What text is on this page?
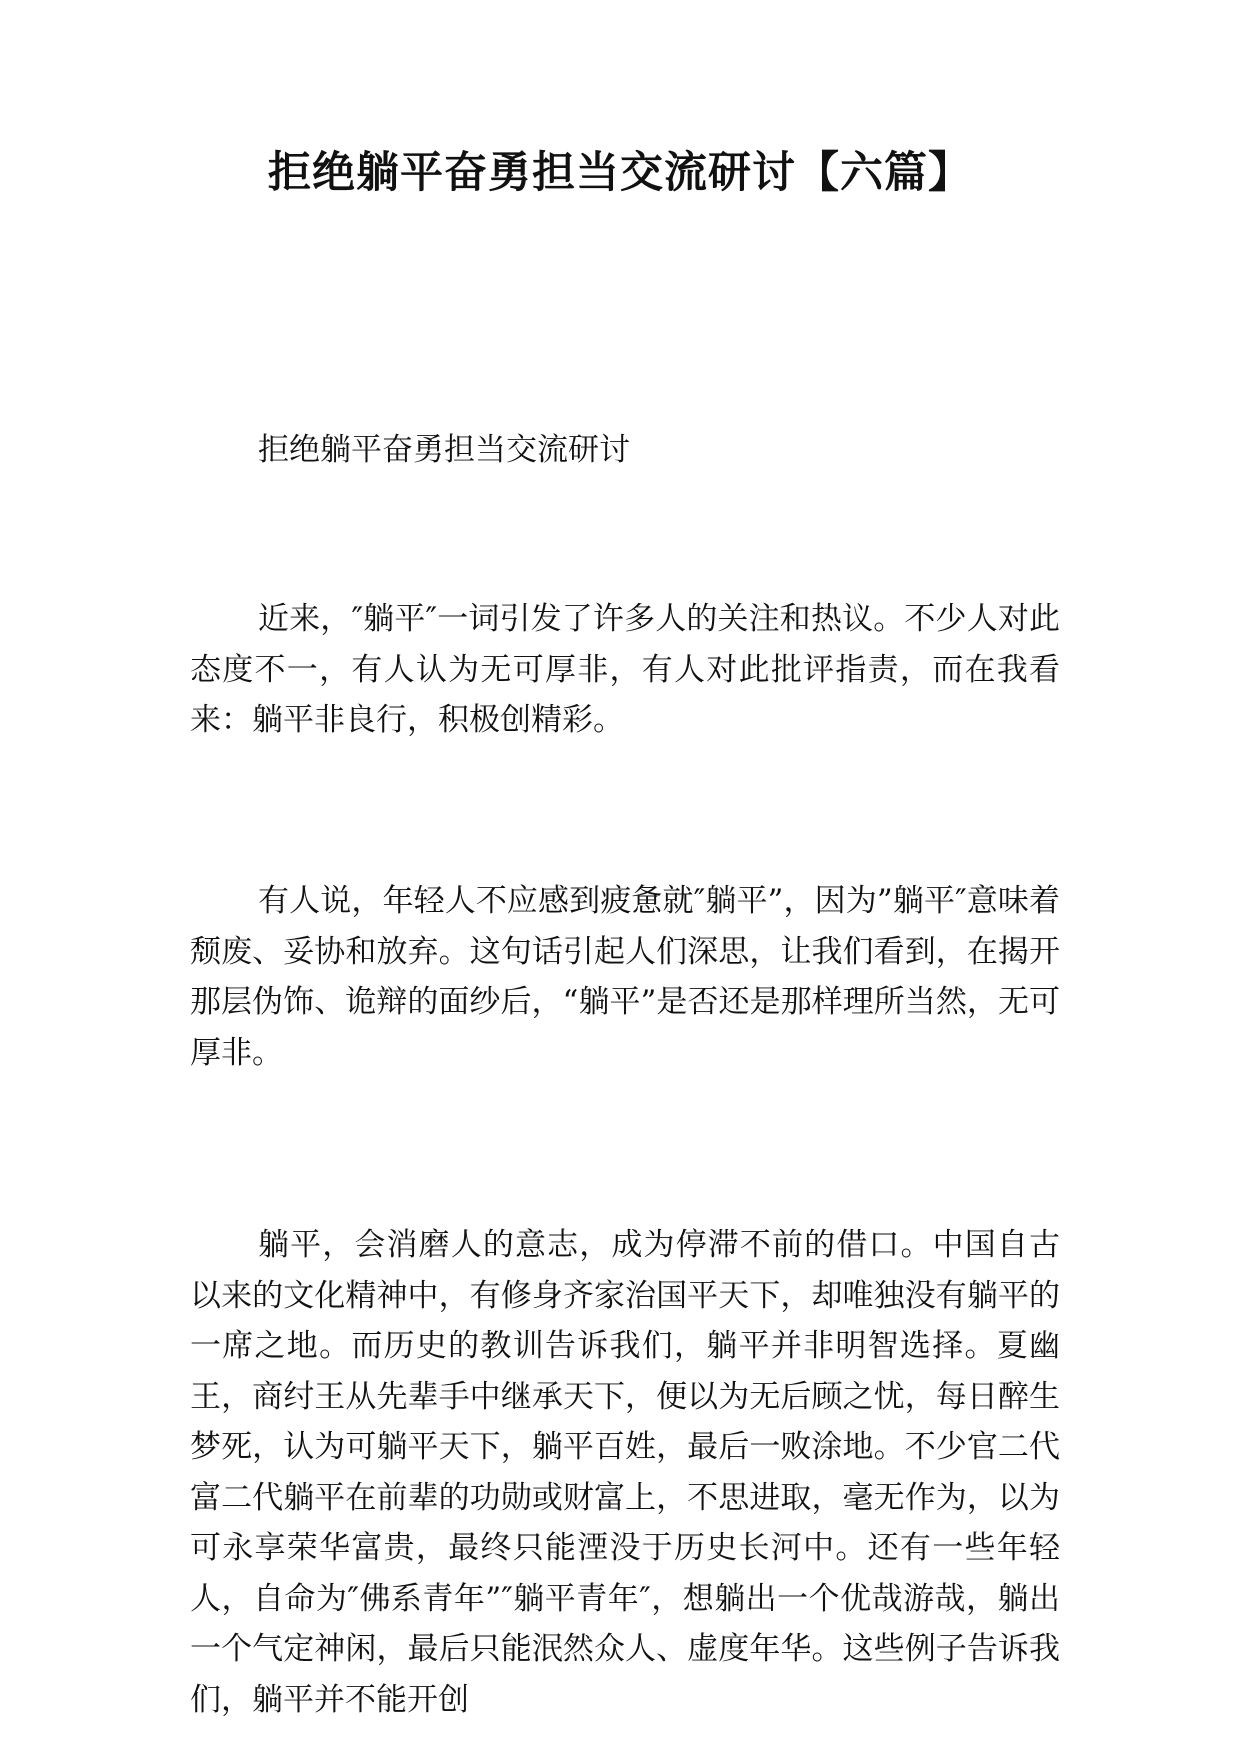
拒绝躺平奋勇担当交流研讨【六篇】

拒绝躺平奋勇担当交流研讨

近来，″躺平″一词引发了许多人的关注和热议。不少人对此态度不一，有人认为无可厚非，有人对此批评指责，而在我看来：躺平非良行，积极创精彩。

有人说，年轻人不应感到疲惫就″躺平”，因为”躺平″意味着颓废、妥协和放弃。这句话引起人们深思，让我们看到，在揭开那层伪饰、诡辩的面纱后，“躺平”是否还是那样理所当然，无可厚非。

躺平，会消磨人的意志，成为停滞不前的借口。中国自古以来的文化精神中，有修身齐家治国平天下，却唯独没有躺平的一席之地。而历史的教训告诉我们，躺平并非明智选择。夏幽王，商纣王从先辈手中继承天下，便以为无后顾之忧，每日醉生梦死，认为可躺平天下，躺平百姓，最后一败涂地。不少官二代富二代躺平在前辈的功勋或财富上，不思进取，毫无作为，以为可永享荣华富贵，最终只能湮没于历史长河中。还有一些年轻人，自命为″佛系青年”″躺平青年″，想躺出一个优哉游哉，躺出一个气定神闲，最后只能泯然众人、虚度年华。这些例子告诉我们，躺平并不能开创
